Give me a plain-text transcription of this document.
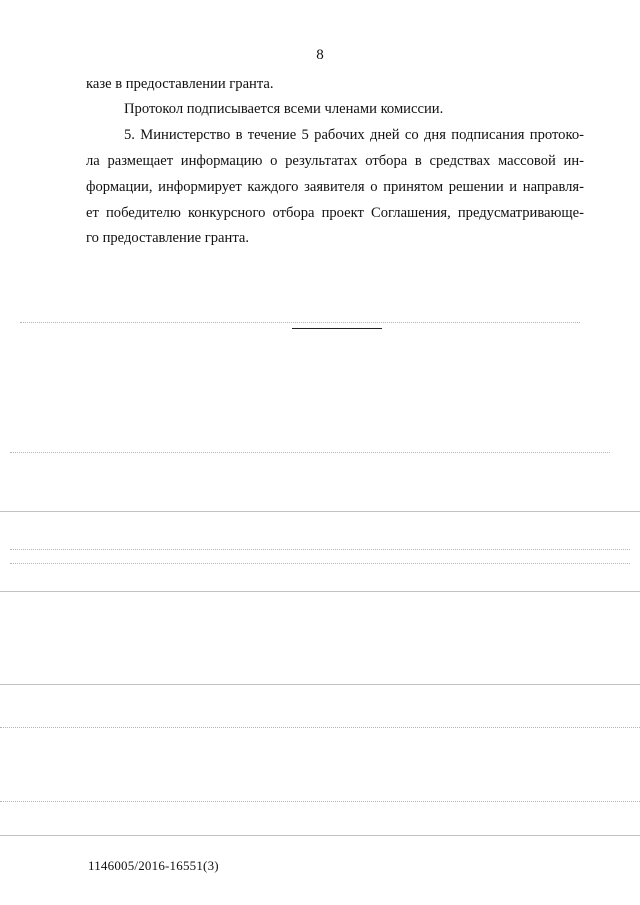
8
казе в предоставлении гранта.
Протокол подписывается всеми членами комиссии.
5. Министерство в течение 5 рабочих дней со дня подписания протоко-
ла размещает информацию о результатах отбора в средствах массовой ин-
формации, информирует каждого заявителя о принятом решении и направля-
ет победителю конкурсного отбора проект Соглашения, предусматривающе-
го предоставление гранта.
1146005/2016-16551(3)
